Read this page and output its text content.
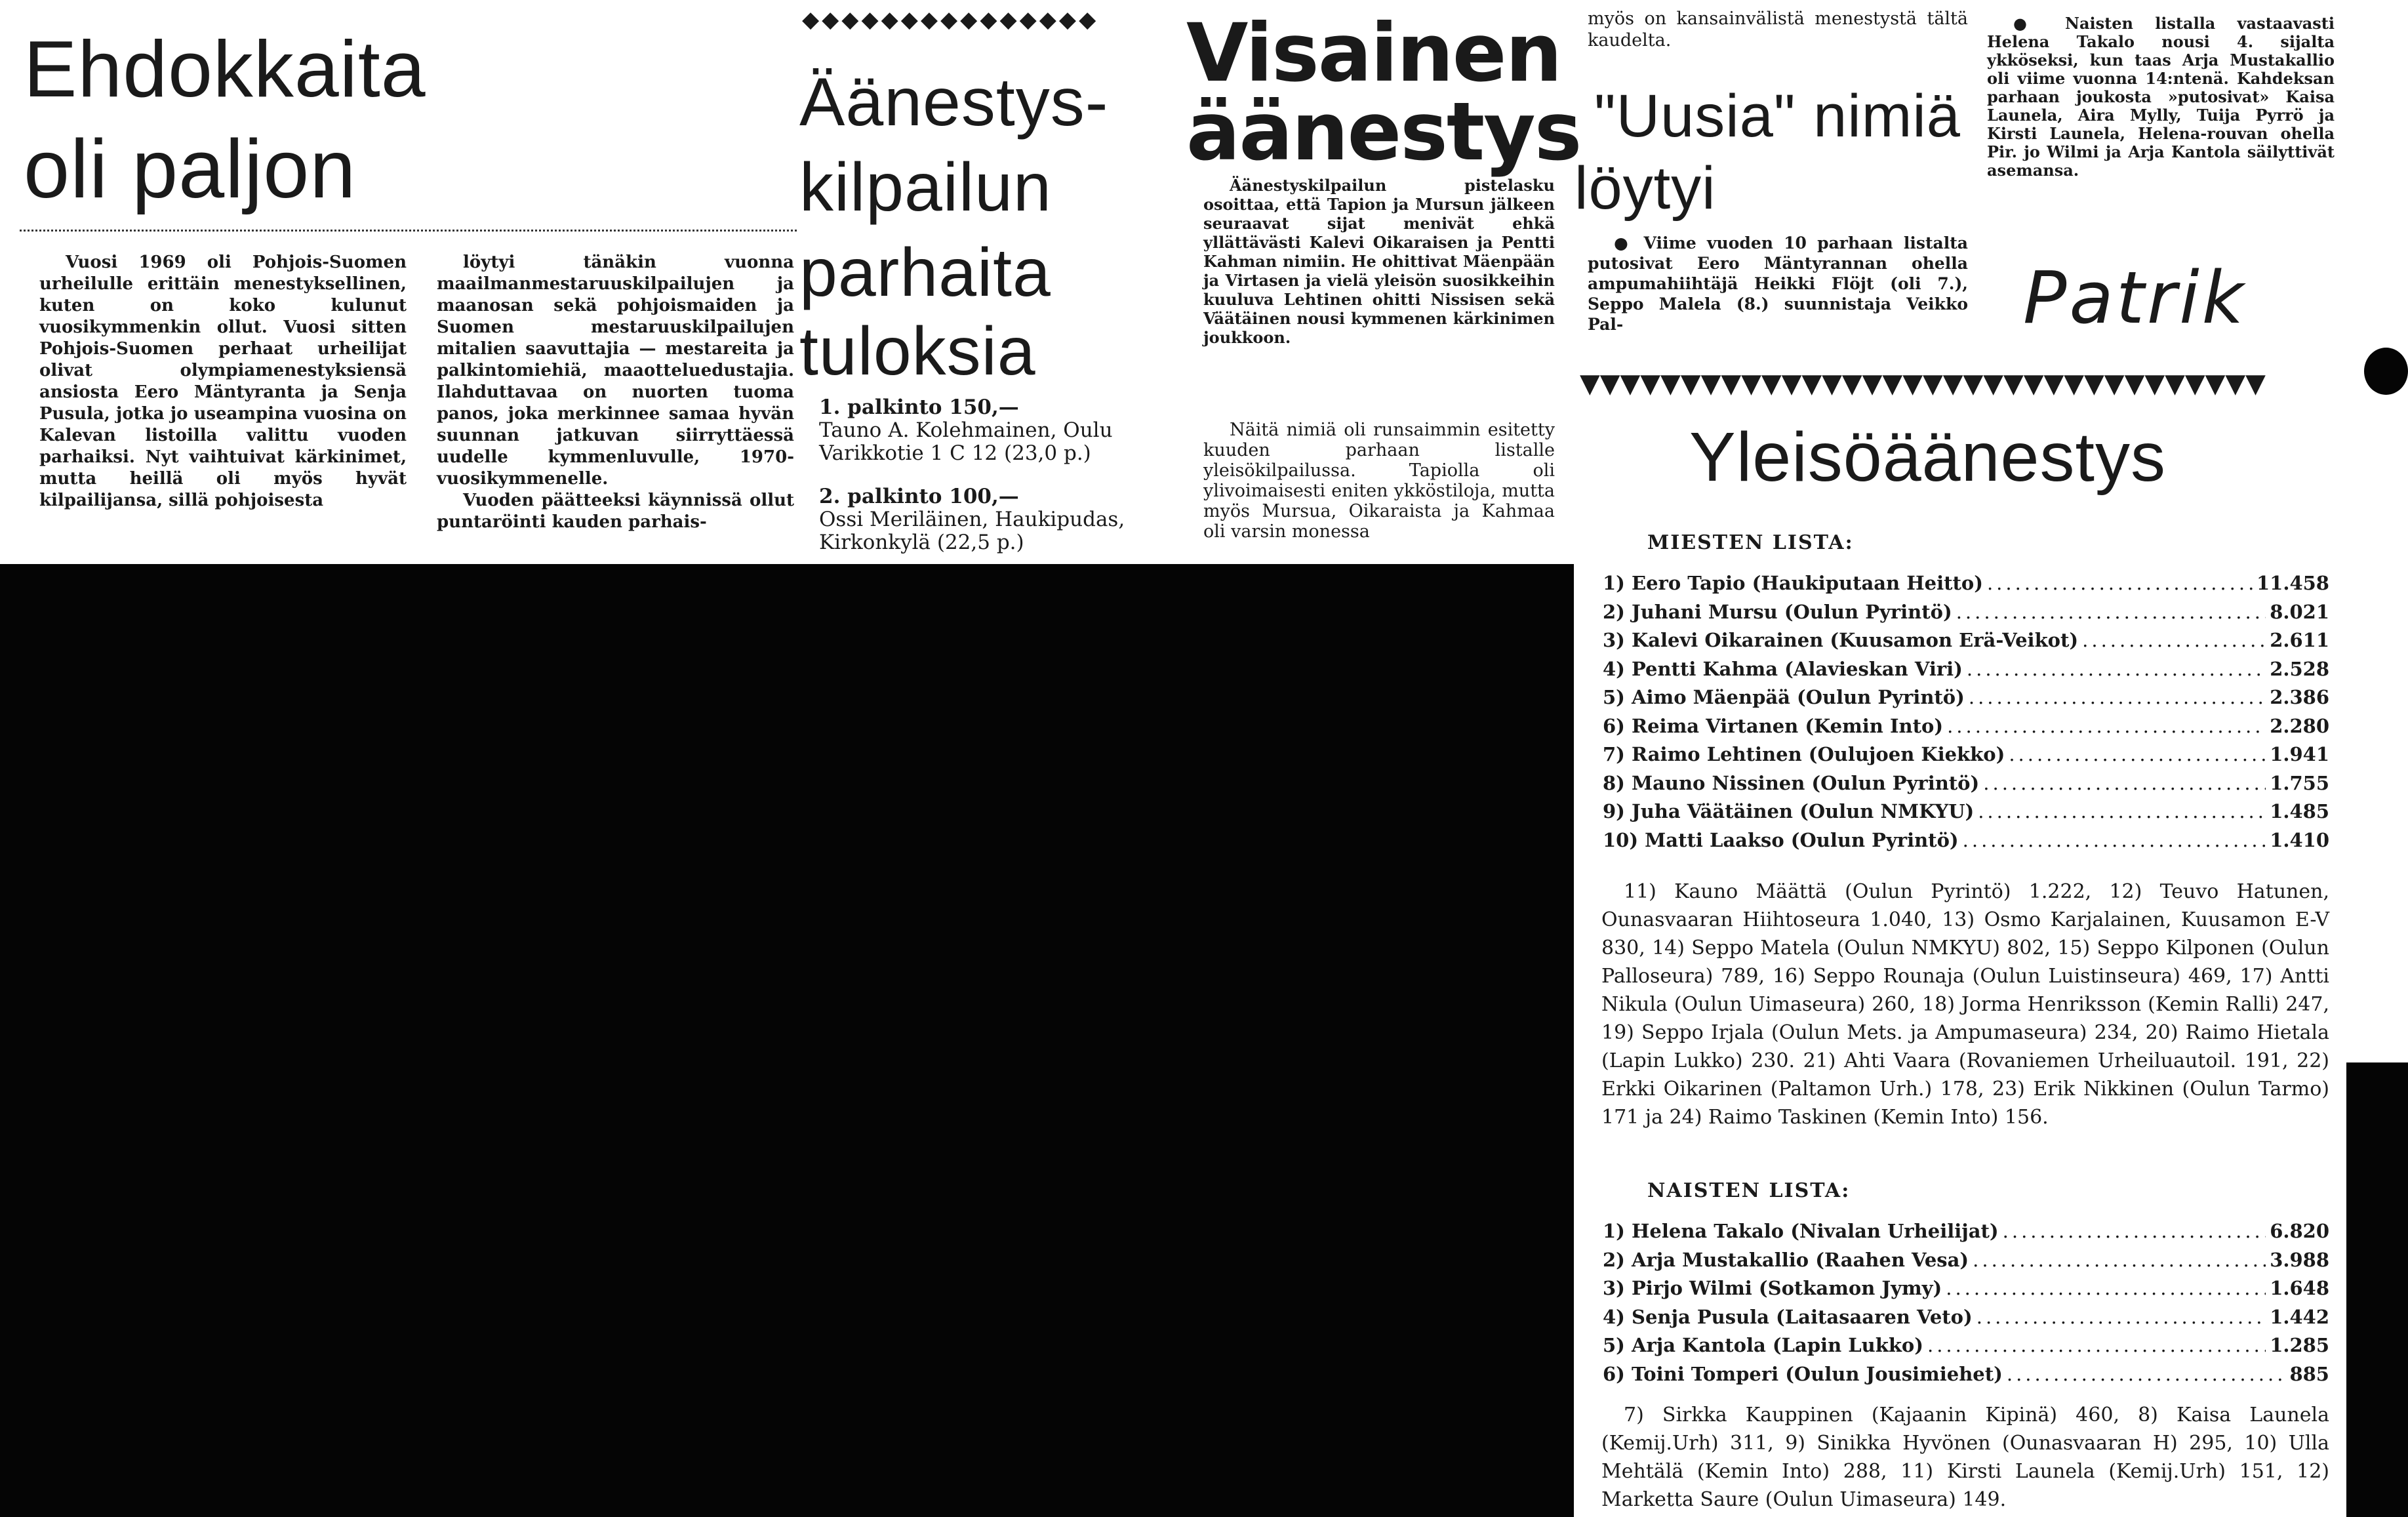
Ehdokkaita
oli paljon

Vuosi 1969 oli Pohjois-Suomen urheilulle erittäin menestyksellinen, kuten on koko kulunut vuosikymmenkin ollut. Vuosi sitten Pohjois-Suomen perhaat urheilijat olivat olympiamenestyksiensä ansiosta Eero Mäntyranta ja Senja Pusula, jotka jo useampina vuosina on Kalevan listoilla valittu vuoden parhaiksi. Nyt vaihtuivat kärkinimet, mutta heillä oli myös hyvät kilpailijansa, sillä pohjoisesta

löytyi tänäkin vuonna maailmanmestaruuskilpailujen ja maanosan sekä pohjoismaiden ja Suomen mestaruuskilpailujen mitalien saavuttajia — mestareita ja palkintomiehiä, maaotteluedustajia. Ilahduttavaa on nuorten tuoma panos, joka merkinnee samaa hyvän suunnan jatkuvan siirryttäessä uudelle kymmenluvulle, 1970-vuosikymmenelle.

Vuoden päätteeksi käynnissä ollut puntaröinti kauden parhais-

◆◆◆◆◆◆◆◆◆◆◆◆◆◆◆
Äänestys-
kilpailun
parhaita
tuloksia
1. palkinto 150,—
Tauno A. Kolehmainen, Oulu Varikkotie 1 C 12 (23,0 p.)
2. palkinto 100,—
Ossi Meriläinen, Haukipudas, Kirkonkylä (22,5 p.)
Visainen
äänestys

Äänestyskilpailun pistelasku osoittaa, että Tapion ja Mursun jälkeen seuraavat sijat menivät ehkä yllättävästi Kalevi Oikaraisen ja Pentti Kahman nimiin. He ohittivat Mäenpään ja Virtasen ja vielä yleisön suosikkeihin kuuluva Lehtinen ohitti Nissisen sekä Väätäinen nousi kymmenen kärkinimen joukkoon.

Näitä nimiä oli runsaimmin esitetty kuuden parhaan listalle yleisökilpailussa. Tapiolla oli ylivoimaisesti eniten ykköstiloja, mutta myös Mursua, Oikaraista ja Kahmaa oli varsin monessa

myös on kansainvälistä menestystä tältä kaudelta.
"Uusia" nimiä
löytyi

● Viime vuoden 10 parhaan listalta putosivat Eero Mäntyrannan ohella ampumahiihtäjä Heikki Flöjt (oli 7.), Seppo Malela (8.) suunnistaja Veikko Pal-

● Naisten listalla vastaavasti Helena Takalo nousi 4. sijalta ykköseksi, kun taas Arja Mustakallio oli viime vuonna 14:ntenä. Kahdeksan parhaan joukosta »putosivat» Kaisa Launela, Aira Mylly, Tuija Pyrrö ja Kirsti Launela, Helena-rouvan ohella Pir. jo Wilmi ja Arja Kantola säilyttivät asemansa.

Patrik
▼▼▼▼▼▼▼▼▼▼▼▼▼▼▼▼▼▼▼▼▼▼▼▼▼▼▼▼▼▼▼▼▼▼
Yleisöäänestys
MIESTEN LISTA:
1) Eero Tapio (Haukiputaan Heitto) .....	11.458
2) Juhani Mursu (Oulun Pyrintö) .....	8.021
3) Kalevi Oikarainen (Kuusamon Erä-Veikot) .....	2.611
4) Pentti Kahma (Alavieskan Viri) .....	2.528
5) Aimo Mäenpää (Oulun Pyrintö) .....	2.386
6) Reima Virtanen (Kemin Into) .....	2.280
7) Raimo Lehtinen (Oulujoen Kiekko) .....	1.941
8) Mauno Nissinen (Oulun Pyrintö) .....	1.755
9) Juha Väätäinen (Oulun NMKYU) .....	1.485
10) Matti Laakso (Oulun Pyrintö) .....	1.410

11) Kauno Määttä (Oulun Pyrintö) 1.222, 12) Teuvo Hatunen, Ounasvaaran Hiihtoseura 1.040, 13) Osmo Karjalainen, Kuusamon E-V 830, 14) Seppo Matela (Oulun NMKYU) 802, 15) Seppo Kilponen (Oulun Palloseura) 789, 16) Seppo Rounaja (Oulun Luistinseura) 469, 17) Antti Nikula (Oulun Uimaseura) 260, 18) Jorma Henriksson (Kemin Ralli) 247, 19) Seppo Irjala (Oulun Mets. ja Ampumaseura) 234, 20) Raimo Hietala (Lapin Lukko) 230. 21) Ahti Vaara (Rovaniemen Urheiluautoil. 191, 22) Erkki Oikarinen (Paltamon Urh.) 178, 23) Erik Nikkinen (Oulun Tarmo) 171 ja 24) Raimo Taskinen (Kemin Into) 156.

NAISTEN LISTA:
1) Helena Takalo (Nivalan Urheilijat) .....	6.820
2) Arja Mustakallio (Raahen Vesa) .....	3.988
3) Pirjo Wilmi (Sotkamon Jymy) .....	1.648
4) Senja Pusula (Laitasaaren Veto) .....	1.442
5) Arja Kantola (Lapin Lukko) .....	1.285
6) Toini Tomperi (Oulun Jousimiehet) .....	885

7) Sirkka Kauppinen (Kajaanin Kipinä) 460, 8) Kaisa Launela (Kemij.Urh) 311, 9) Sinikka Hyvönen (Ounasvaaran H) 295, 10) Ulla Mehtälä (Kemin Into) 288, 11) Kirsti Launela (Kemij.Urh) 151, 12) Marketta Saure (Oulun Uimaseura) 149.
